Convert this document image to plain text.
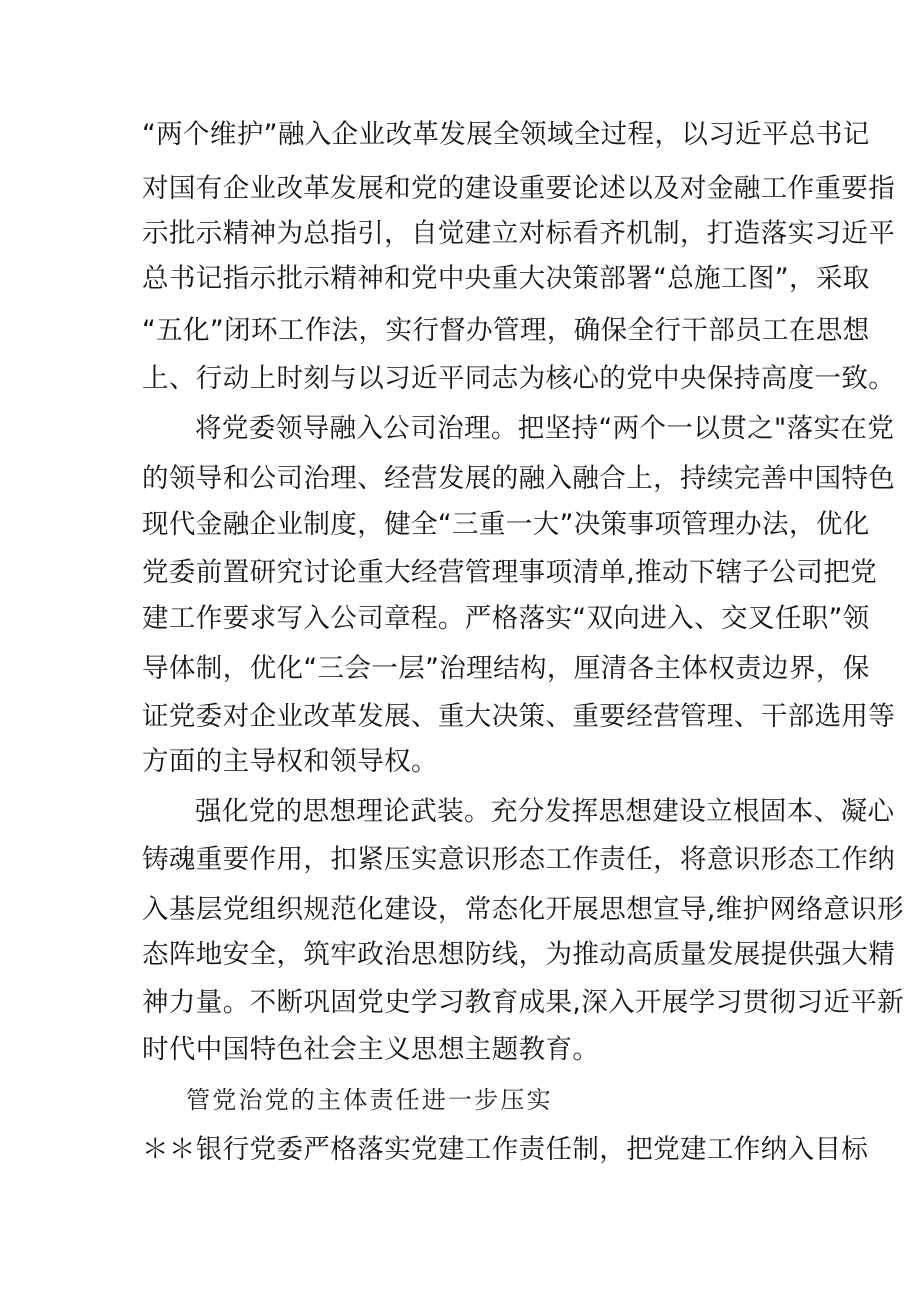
“两个维护”融入企业改革发展全领域全过程，以习近平总书记
对国有企业改革发展和党的建设重要论述以及对金融工作重要指
示批示精神为总指引，自觉建立对标看齐机制，打造落实习近平
总书记指示批示精神和党中央重大决策部署“总施工图”，采取
“五化”闭环工作法，实行督办管理，确保全行干部员工在思想
上、行动上时刻与以习近平同志为核心的党中央保持高度一致。
将党委领导融入公司治理。把坚持“两个一以贯之"落实在党
的领导和公司治理、经营发展的融入融合上，持续完善中国特色
现代金融企业制度，健全“三重一大”决策事项管理办法，优化
党委前置研究讨论重大经营管理事项清单,推动下辖子公司把党
建工作要求写入公司章程。严格落实“双向进入、交叉任职”领
导体制，优化“三会一层”治理结构，厘清各主体权责边界，保
证党委对企业改革发展、重大决策、重要经营管理、干部选用等
方面的主导权和领导权。
强化党的思想理论武装。充分发挥思想建设立根固本、凝心
铸魂重要作用，扣紧压实意识形态工作责任，将意识形态工作纳
入基层党组织规范化建设，常态化开展思想宣导,维护网络意识形
态阵地安全，筑牢政治思想防线，为推动高质量发展提供强大精
神力量。不断巩固党史学习教育成果,深入开展学习贯彻习近平新
时代中国特色社会主义思想主题教育。
管党治党的主体责任进一步压实
＊＊银行党委严格落实党建工作责任制，把党建工作纳入目标
